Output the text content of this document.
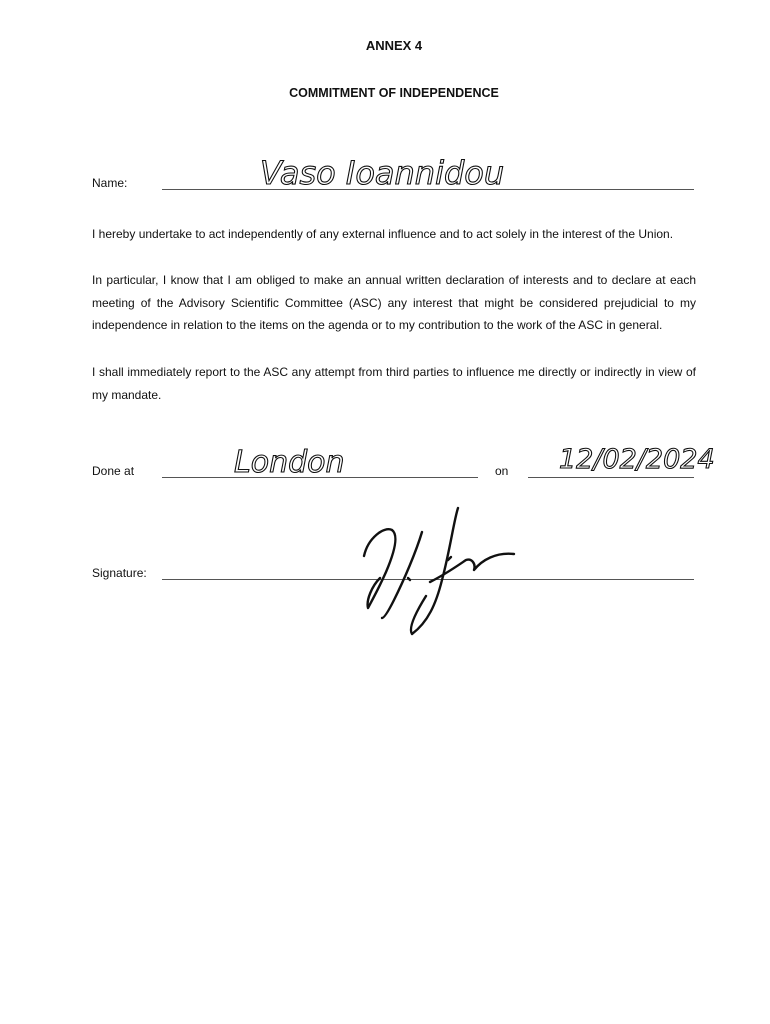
ANNEX 4
COMMITMENT OF INDEPENDENCE
Name:	Vaso Ioannidou

I hereby undertake to act independently of any external influence and to act solely in the interest of the Union.

In particular, I know that I am obliged to make an annual written declaration of interests and to declare at each meeting of the Advisory Scientific Committee (ASC) any interest that might be considered prejudicial to my independence in relation to the items on the agenda or to my contribution to the work of the ASC in general.

I shall immediately report to the ASC any attempt from third parties to influence me directly or indirectly in view of my mandate.

Done at	London	on 12/02/2024
Signature:
